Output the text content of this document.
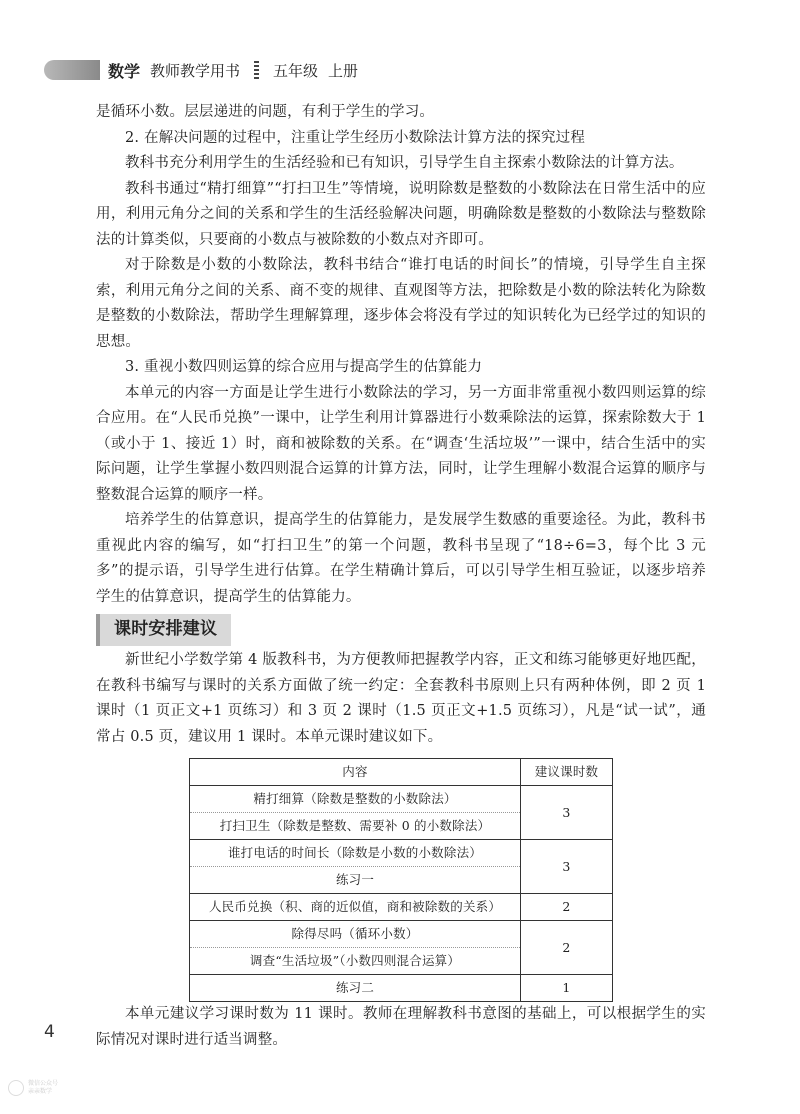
数学 教师教学用书 五年级 上册

是循环小数。层层递进的问题，有利于学生的学习。

2. 在解决问题的过程中，注重让学生经历小数除法计算方法的探究过程

教科书充分利用学生的生活经验和已有知识，引导学生自主探索小数除法的计算方法。

教科书通过“精打细算”“打扫卫生”等情境，说明除数是整数的小数除法在日常生活中的应用，利用元角分之间的关系和学生的生活经验解决问题，明确除数是整数的小数除法与整数除法的计算类似，只要商的小数点与被除数的小数点对齐即可。

对于除数是小数的小数除法，教科书结合“谁打电话的时间长”的情境，引导学生自主探索，利用元角分之间的关系、商不变的规律、直观图等方法，把除数是小数的除法转化为除数是整数的小数除法，帮助学生理解算理，逐步体会将没有学过的知识转化为已经学过的知识的思想。

3. 重视小数四则运算的综合应用与提高学生的估算能力

本单元的内容一方面是让学生进行小数除法的学习，另一方面非常重视小数四则运算的综合应用。在“人民币兑换”一课中，让学生利用计算器进行小数乘除法的运算，探索除数大于 1（或小于 1、接近 1）时，商和被除数的关系。在“调查‘生活垃圾’”一课中，结合生活中的实际问题，让学生掌握小数四则混合运算的计算方法，同时，让学生理解小数混合运算的顺序与整数混合运算的顺序一样。

培养学生的估算意识，提高学生的估算能力，是发展学生数感的重要途径。为此，教科书重视此内容的编写，如“打扫卫生”的第一个问题，教科书呈现了“18÷6=3，每个比 3 元多”的提示语，引导学生进行估算。在学生精确计算后，可以引导学生相互验证，以逐步培养学生的估算意识，提高学生的估算能力。

课时安排建议

新世纪小学数学第 4 版教科书，为方便教师把握教学内容，正文和练习能够更好地匹配，在教科书编写与课时的关系方面做了统一约定：全套教科书原则上只有两种体例，即 2 页 1 课时（1 页正文+1 页练习）和 3 页 2 课时（1.5 页正文+1.5 页练习），凡是“试一试”，通常占 0.5 页，建议用 1 课时。本单元课时建议如下。

内容	建议课时数
精打细算（除数是整数的小数除法）	3
打扫卫生（除数是整数、需要补 0 的小数除法）	
谁打电话的时间长（除数是小数的小数除法）	3
练习一	
人民币兑换（积、商的近似值，商和被除数的关系）	2
除得尽吗（循环小数）	2
调查“生活垃圾”（小数四则混合运算）	
练习二	1

本单元建议学习课时数为 11 课时。教师在理解教科书意图的基础上，可以根据学生的实际情况对课时进行适当调整。

4
微信公众号
亲亲数学
